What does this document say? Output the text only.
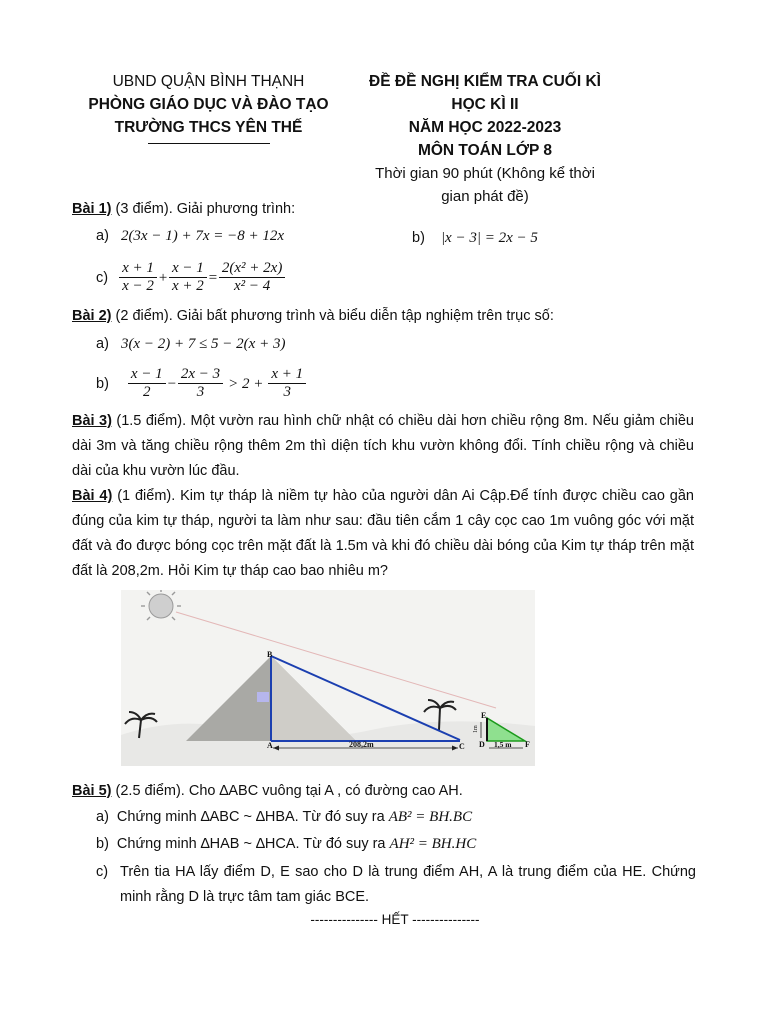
UBND QUẬN BÌNH THẠNH
PHÒNG GIÁO DỤC VÀ ĐÀO TẠO
TRƯỜNG THCS YÊN THẾ
ĐỀ ĐỀ NGHỊ KIỂM TRA CUỐI KÌ
HỌC KÌ II
NĂM HỌC 2022-2023
MÔN TOÁN LỚP 8
Thời gian 90 phút (Không kể thời
gian phát đề)
Bài 1) (3 điểm). Giải phương trình:
a) 2(3x − 1) + 7x = −8 + 12x	b) |x − 3| = 2x − 5
$c) \frac{x + 1}{x - 2} + \frac{x - 1}{x + 2} = \frac{\text{2(x² + 2x)}}{\text{x² − 4}}$
Bài 2) (2 điểm). Giải bất phương trình và biểu diễn tập nghiệm trên trục số:
a) 3(x − 2) + 7 ≤ 5 − 2(x + 3)
$b) \frac{x - 1}{2} - \frac{2x - 3}{3} > 2 + \frac{x + 1}{3}$
Bài 3) (1.5 điểm). Một vườn rau hình chữ nhật có chiều dài hơn chiều rộng 8m. Nếu giảm chiều dài 3m và tăng chiều rộng thêm 2m thì diện tích khu vườn không đổi. Tính chiều rộng và chiều dài của khu vườn lúc đầu.
Bài 4) (1 điểm). Kim tự tháp là niềm tự hào của người dân Ai Cập.Để tính được chiều cao gần đúng của kim tự tháp, người ta làm như sau: đầu tiên cắm 1 cây cọc cao 1m vuông góc với mặt đất và đo được bóng cọc trên mặt đất là 1.5m và khi đó chiều dài bóng của Kim tự tháp trên mặt đất là 208,2m. Hỏi Kim tự tháp cao bao nhiêu m?
208,2m
1m
1,5 m
B
A	C D
E
F
Bài 5) (2.5 điểm). Cho ∆ABC vuông tại A , có đường cao AH.
a) Chứng minh ∆ABC ~ ∆HBA. Từ đó suy ra AB² = BH.BC
b) Chứng minh ∆HAB ~ ∆HCA. Từ đó suy ra AH² = BH.HC
c) Trên tia HA lấy điểm D, E sao cho D là trung điểm AH, A là trung điểm của HE. Chứng minh rằng D là trực tâm tam giác BCE.
--------------- HẾT ---------------
